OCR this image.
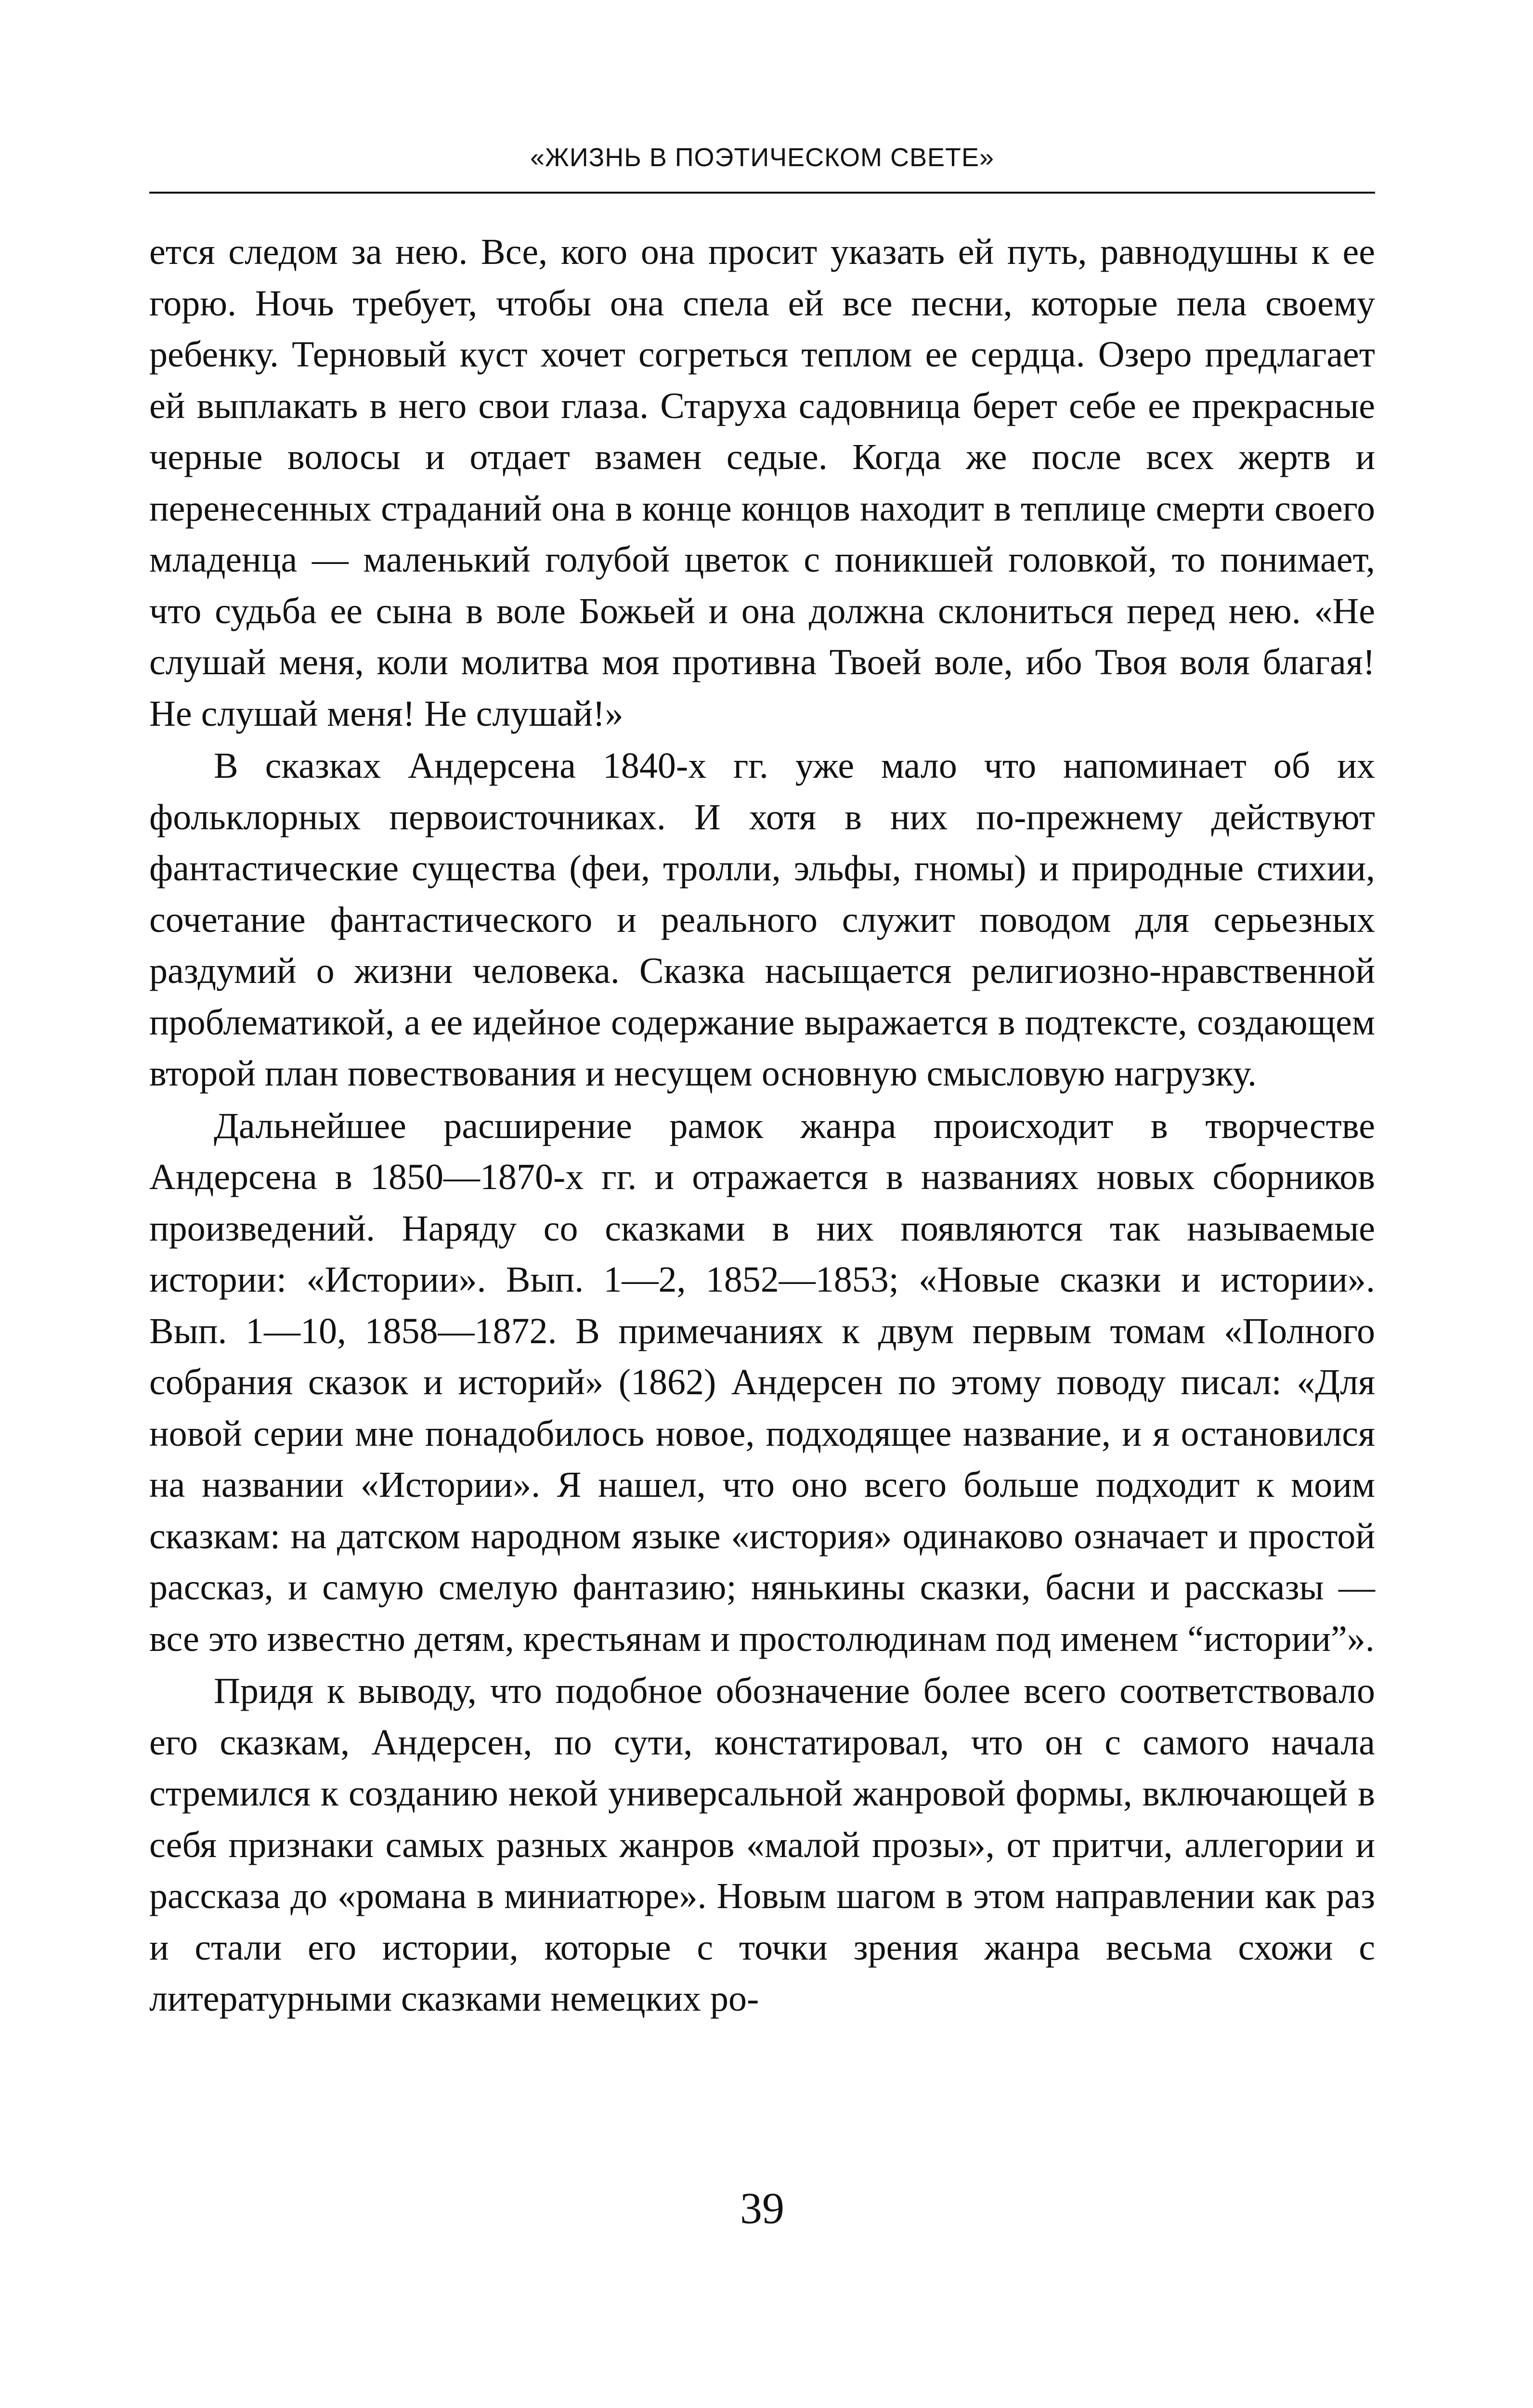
«ЖИЗНЬ В ПОЭТИЧЕСКОМ СВЕТЕ»

ется следом за нею. Все, кого она просит указать ей путь, равнодушны к ее горю. Ночь требует, чтобы она спела ей все песни, которые пела своему ребенку. Терновый куст хочет согреться теплом ее сердца. Озеро предлагает ей выплакать в него свои глаза. Старуха садовница берет себе ее прекрасные черные волосы и отдает взамен седые. Когда же после всех жертв и перенесенных страданий она в конце концов находит в теплице смерти своего младенца — маленький голубой цветок с поникшей головкой, то понимает, что судьба ее сына в воле Божьей и она должна склониться перед нею. «Не слушай меня, коли молитва моя противна Твоей воле, ибо Твоя воля благая! Не слушай меня! Не слушай!»

В сказках Андерсена 1840-х гг. уже мало что напоминает об их фольклорных первоисточниках. И хотя в них по-прежнему действуют фантастические существа (феи, тролли, эльфы, гномы) и природные стихии, сочетание фантастического и реального служит поводом для серьезных раздумий о жизни человека. Сказка насыщается религиозно-нравственной проблематикой, а ее идейное содержание выражается в подтексте, создающем второй план повествования и несущем основную смысловую нагрузку.

Дальнейшее расширение рамок жанра происходит в творчестве Андерсена в 1850—1870-х гг. и отражается в названиях новых сборников произведений. Наряду со сказками в них появляются так называемые истории: «Истории». Вып. 1—2, 1852—1853; «Новые сказки и истории». Вып. 1—10, 1858—1872. В примечаниях к двум первым томам «Полного собрания сказок и историй» (1862) Андерсен по этому поводу писал: «Для новой серии мне понадобилось новое, подходящее название, и я остановился на названии «Истории». Я нашел, что оно всего больше подходит к моим сказкам: на датском народном языке «история» одинаково означает и простой рассказ, и самую смелую фантазию; нянькины сказки, басни и рассказы — все это известно детям, крестьянам и простолюдинам под именем “истории”».

Придя к выводу, что подобное обозначение более всего соответствовало его сказкам, Андерсен, по сути, констатировал, что он с самого начала стремился к созданию некой универсальной жанровой формы, включающей в себя признаки самых разных жанров «малой прозы», от притчи, аллегории и рассказа до «романа в миниатюре». Новым шагом в этом направлении как раз и стали его истории, которые с точки зрения жанра весьма схожи с литературными сказками немецких ро-

39
